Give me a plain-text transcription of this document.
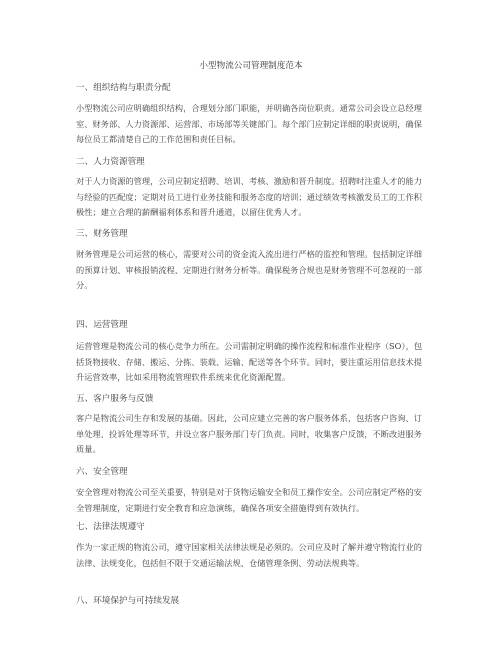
小型物流公司管理制度范本
一、组织结构与职责分配
小型物流公司应明确组织结构，合理划分部门职能，并明确各岗位职责。通常公司会设立总经理室、财务部、人力资源部、运营部、市场部等关键部门。每个部门应制定详细的职责说明，确保每位员工都清楚自己的工作范围和责任目标。
二、人力资源管理
对于人力资源的管理，公司应制定招聘、培训、考核、激励和晋升制度。招聘时注重人才的能力与经验的匹配度；定期对员工进行业务技能和服务态度的培训；通过绩效考核激发员工的工作积极性；建立合理的薪酬福利体系和晋升通道，以留住优秀人才。
三、财务管理
财务管理是公司运营的核心，需要对公司的资金流入流出进行严格的监控和管理。包括制定详细的预算计划、审核报销流程、定期进行财务分析等。确保税务合规也是财务管理不可忽视的一部分。
四、运营管理
运营管理是物流公司的核心竞争力所在。公司需制定明确的操作流程和标准作业程序（SO），包括货物接收、存储、搬运、分拣、装载、运输、配送等各个环节。同时，要注重运用信息技术提升运营效率，比如采用物流管理软件系统来优化资源配置。
五、客户服务与反馈
客户是物流公司生存和发展的基础。因此，公司应建立完善的客户服务体系，包括客户咨询、订单处理、投诉处理等环节，并设立客户服务部门专门负责。同时，收集客户反馈，不断改进服务质量。
六、安全管理
安全管理对物流公司至关重要，特别是对于货物运输安全和员工操作安全。公司应制定严格的安全管理制度，定期进行安全教育和应急演练，确保各项安全措施得到有效执行。
七、法律法规遵守
作为一家正规的物流公司，遵守国家相关法律法规是必须的。公司应及时了解并遵守物流行业的法律、法规变化，包括但不限于交通运输法规、仓储管理条例、劳动法规典等。
八、环境保护与可持续发展
